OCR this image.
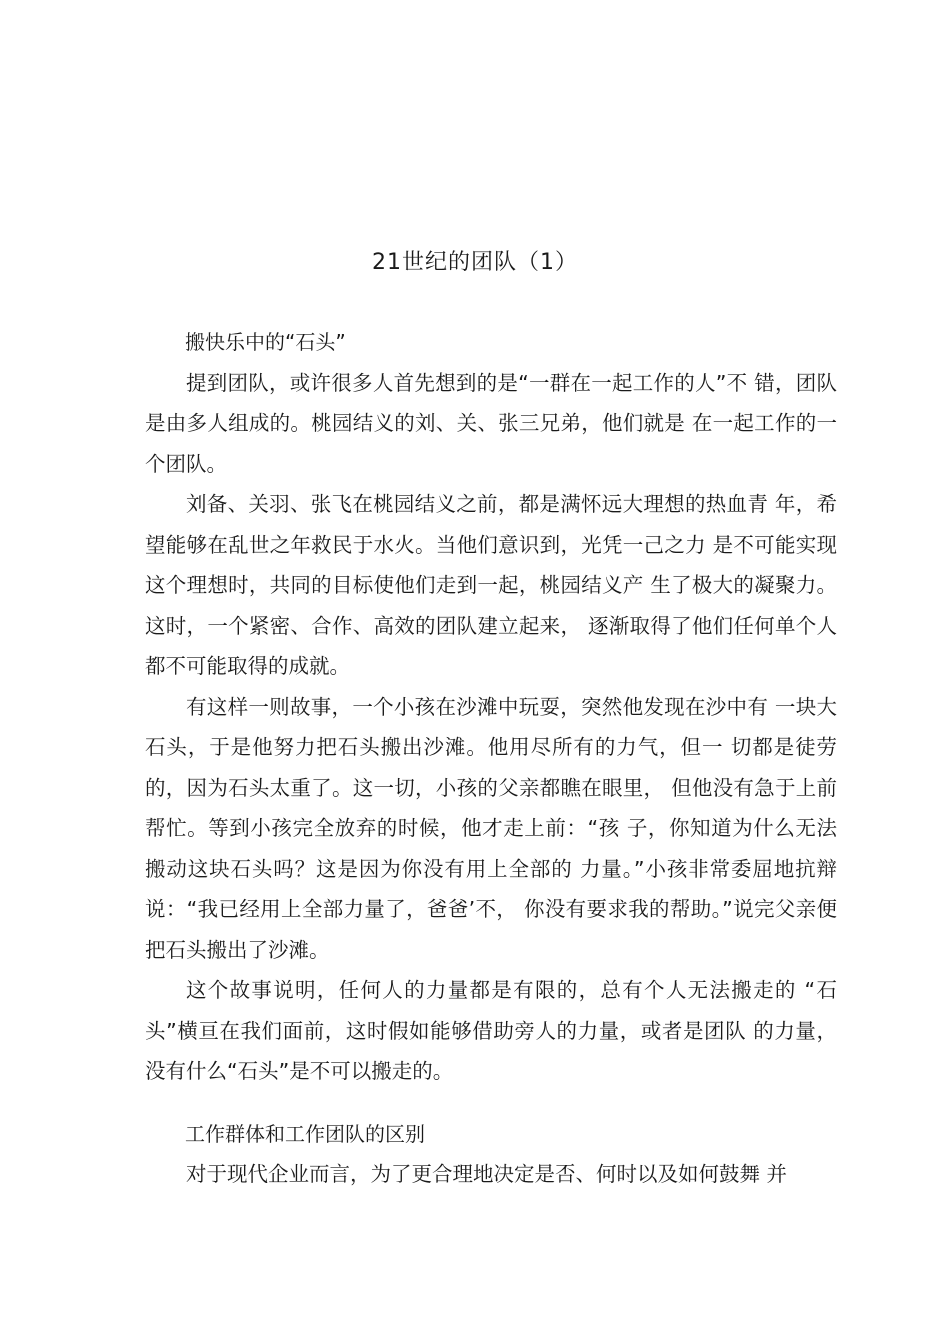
21世纪的团队（1）

搬快乐中的“石头”

提到团队，或许很多人首先想到的是“一群在一起工作的人”不 错，团队是由多人组成的。桃园结义的刘、关、张三兄弟，他们就是 在一起工作的一个团队。

刘备、关羽、张飞在桃园结义之前，都是满怀远大理想的热血青 年，希望能够在乱世之年救民于水火。当他们意识到，光凭一己之力 是不可能实现这个理想时，共同的目标使他们走到一起，桃园结义产 生了极大的凝聚力。这时，一个紧密、合作、高效的团队建立起来， 逐渐取得了他们任何单个人都不可能取得的成就。

有这样一则故事，一个小孩在沙滩中玩耍，突然他发现在沙中有 一块大石头，于是他努力把石头搬出沙滩。他用尽所有的力气，但一 切都是徒劳的，因为石头太重了。这一切，小孩的父亲都瞧在眼里， 但他没有急于上前帮忙。等到小孩完全放弃的时候，他才走上前：“孩 子，你知道为什么无法搬动这块石头吗？这是因为你没有用上全部的 力量。”小孩非常委屈地抗辩说：“我已经用上全部力量了，爸爸’不， 你没有要求我的帮助。”说完父亲便把石头搬出了沙滩。

这个故事说明，任何人的力量都是有限的，总有个人无法搬走的 “石头”横亘在我们面前，这时假如能够借助旁人的力量，或者是团队 的力量，没有什么“石头”是不可以搬走的。

工作群体和工作团队的区别

对于现代企业而言，为了更合理地决定是否、何时以及如何鼓舞 并
